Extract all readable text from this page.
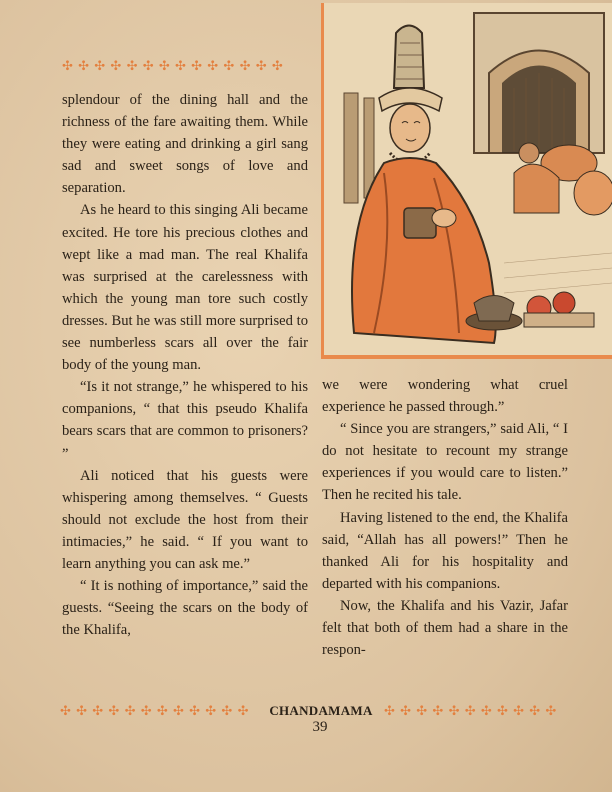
✣ ✣ ✣ ✣ ✣ ✣ ✣ ✣ ✣ ✣ ✣ ✣ ✣ ✣

splendour of the dining hall and the richness of the fare awaiting them. While they were eating and drinking a girl sang sad and sweet songs of love and separation.

As he heard to this singing Ali became excited. He tore his precious clothes and wept like a mad man. The real Khalifa was surprised at the carelessness with which the young man tore such costly dresses. But he was still more surprised to see numberless scars all over the fair body of the young man.

“Is it not strange,” he whispered to his companions, “ that this pseudo Khalifa bears scars that are common to prisoners? ”

Ali noticed that his guests were whispering among themselves. “ Guests should not exclude the host from their intimacies,” he said. “ If you want to learn anything you can ask me.”

“ It is nothing of importance,” said the guests. “Seeing the scars on the body of the Khalifa,

we were wondering what cruel experience he passed through.”

“ Since you are strangers,” said Ali, “ I do not hesitate to recount my strange experiences if you would care to listen.” Then he recited his tale.

Having listened to the end, the Khalifa said, “Allah has all powers!” Then he thanked Ali for his hospitality and departed with his companions.

Now, the Khalifa and his Vazir, Jafar felt that both of them had a share in the respon-

✣ ✣ ✣ ✣ ✣ ✣ ✣ ✣ ✣ ✣ ✣ ✣	CHANDAMAMA ✣ ✣ ✣ ✣ ✣ ✣ ✣ ✣ ✣ ✣ ✣
39
